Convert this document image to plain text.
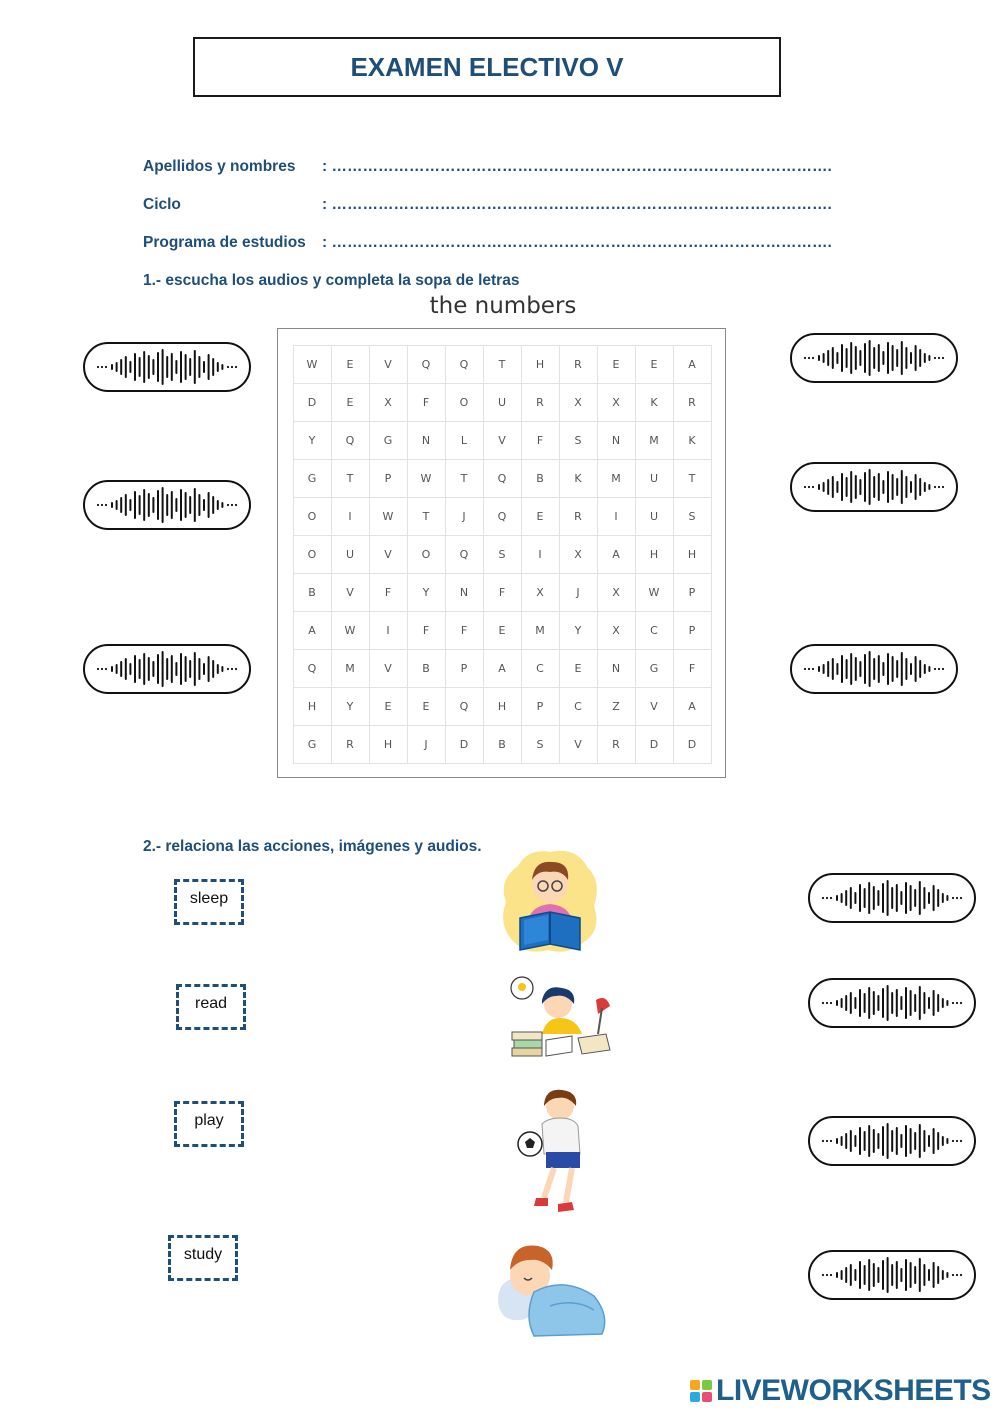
EXAMEN ELECTIVO V
Apellidos y nombres : …………………………………………………………………………………….
Ciclo	: …………………………………………………………………………………….
Programa de estudios : …………………………………………………………………………………….
1.- escucha los audios y completa la sopa de letras
the numbers
W	E	V	Q	Q	T	H	R	E	E	A
D	E	X	F	O	U	R	X	X	K	R
Y	Q	G	N	L	V	F	S	N	M	K
G	T	P	W	T	Q	B	K	M	U	T
O	I	W	T	J	Q	E	R	I	U	S
O	U	V	O	Q	S	I	X	A	H	H
B	V	F	Y	N	F	X	J	X	W	P
A	W	I	F	F	E	M	Y	X	C	P
Q	M	V	B	P	A	C	E	N	G	F
H	Y	E	E	Q	H	P	C	Z	V	A
G	R	H	J	D	B	S	V	R	D	D
2.- relaciona las acciones, imágenes y audios.
sleep
read
play
study
LIVEWORKSHEETS
